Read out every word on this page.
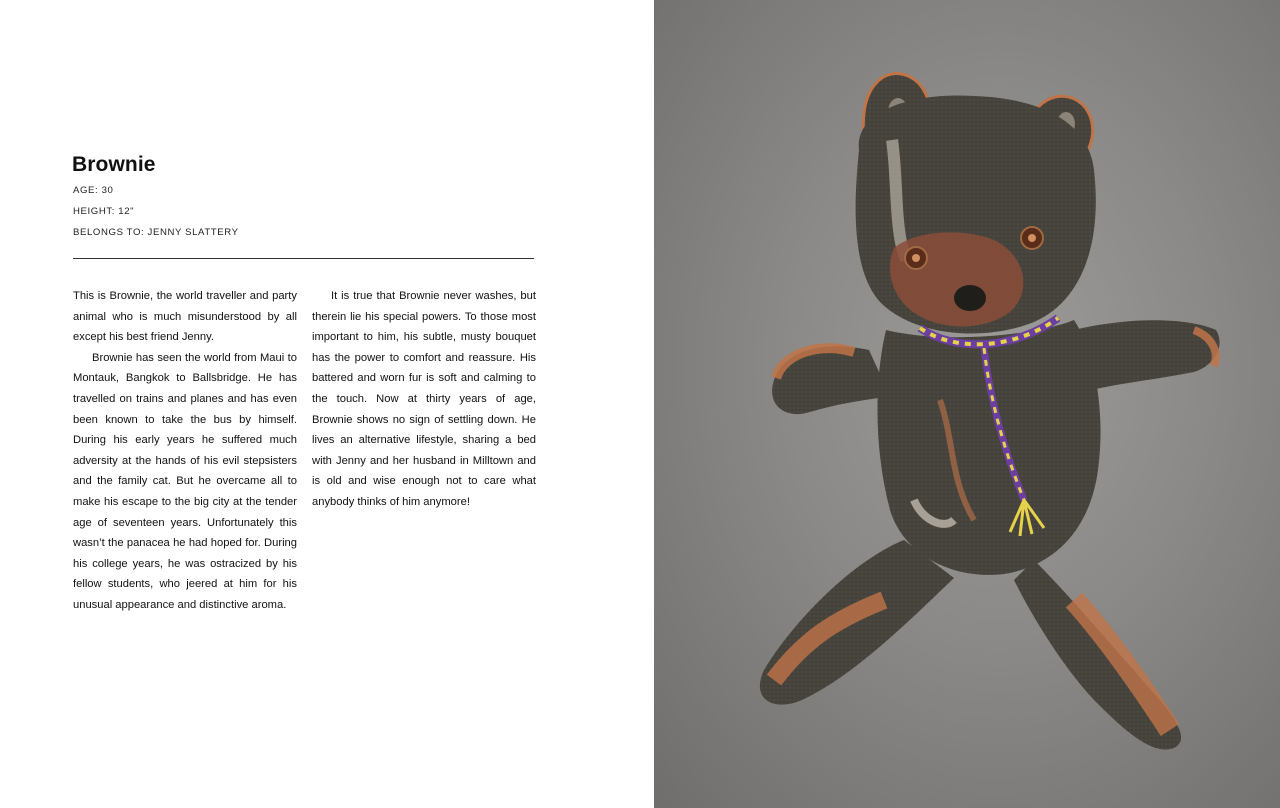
Brownie
AGE: 30
HEIGHT: 12"
BELONGS TO: JENNY SLATTERY

This is Brownie, the world traveller and party animal who is much misunderstood by all except his best friend Jenny.

Brownie has seen the world from Maui to Montauk, Bangkok to Ballsbridge. He has travelled on trains and planes and has even been known to take the bus by himself. During his early years he suffered much adversity at the hands of his evil stepsisters and the family cat. But he overcame all to make his escape to the big city at the tender age of seventeen years. Unfortunately this wasn’t the panacea he had hoped for. During his college years, he was ostracized by his fellow students, who jeered at him for his unusual appearance and distinctive aroma.

It is true that Brownie never washes, but therein lie his special powers. To those most important to him, his subtle, musty bouquet has the power to comfort and reassure. His battered and worn fur is soft and calming to the touch. Now at thirty years of age, Brownie shows no sign of settling down. He lives an alternative lifestyle, sharing a bed with Jenny and her husband in Milltown and is old and wise enough not to care what anybody thinks of him anymore!
